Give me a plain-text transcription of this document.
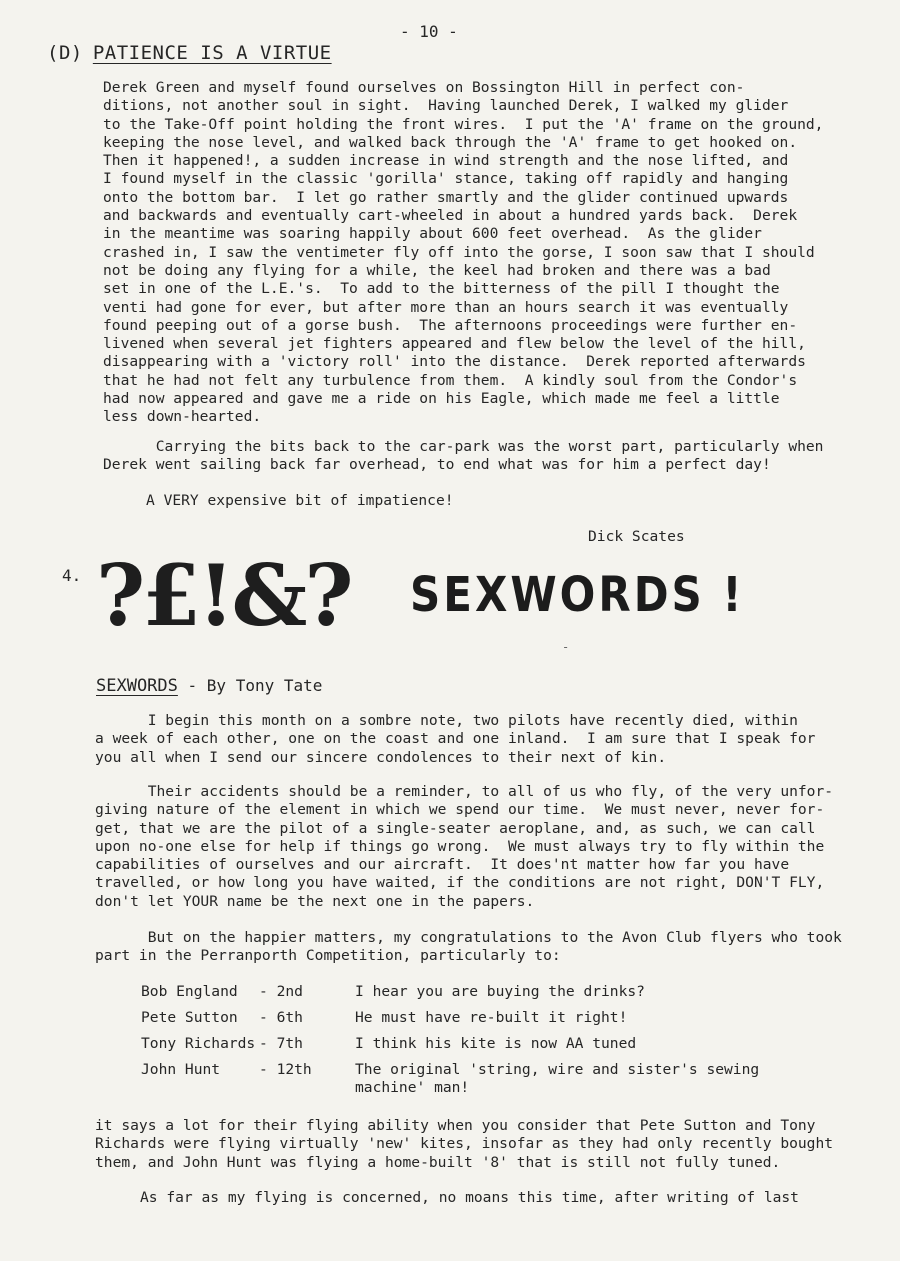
- 10 -
(D) PATIENCE IS A VIRTUE

Derek Green and myself found ourselves on Bossington Hill in perfect con-
ditions, not another soul in sight.  Having launched Derek, I walked my glider
to the Take-Off point holding the front wires.  I put the 'A' frame on the ground,
keeping the nose level, and walked back through the 'A' frame to get hooked on.
Then it happened!, a sudden increase in wind strength and the nose lifted, and
I found myself in the classic 'gorilla' stance, taking off rapidly and hanging
onto the bottom bar.  I let go rather smartly and the glider continued upwards
and backwards and eventually cart-wheeled in about a hundred yards back.  Derek
in the meantime was soaring happily about 600 feet overhead.  As the glider
crashed in, I saw the ventimeter fly off into the gorse, I soon saw that I should
not be doing any flying for a while, the keel had broken and there was a bad
set in one of the L.E.'s.  To add to the bitterness of the pill I thought the
venti had gone for ever, but after more than an hours search it was eventually
found peeping out of a gorse bush.  The afternoons proceedings were further en-
livened when several jet fighters appeared and flew below the level of the hill,
disappearing with a 'victory roll' into the distance.  Derek reported afterwards
that he had not felt any turbulence from them.  A kindly soul from the Condor's
had now appeared and gave me a ride on his Eagle, which made me feel a little
less down-hearted.

Carrying the bits back to the car-park was the worst part, particularly when
Derek went sailing back far overhead, to end what was for him a perfect day!

A VERY expensive bit of impatience!

Dick Scates

4. ?£!&? SEXWORDS !
-
SEXWORDS - By Tony Tate

I begin this month on a sombre note, two pilots have recently died, within
a week of each other, one on the coast and one inland.  I am sure that I speak for
you all when I send our sincere condolences to their next of kin.

Their accidents should be a reminder, to all of us who fly, of the very unfor-
giving nature of the element in which we spend our time.  We must never, never for-
get, that we are the pilot of a single-seater aeroplane, and, as such, we can call
upon no-one else for help if things go wrong.  We must always try to fly within the
capabilities of ourselves and our aircraft.  It does'nt matter how far you have
travelled, or how long you have waited, if the conditions are not right, DON'T FLY,
don't let YOUR name be the next one in the papers.

But on the happier matters, my congratulations to the Avon Club flyers who took
part in the Perranporth Competition, particularly to:

Bob England - 2nd	I hear you are buying the drinks?
Pete Sutton - 6th	He must have re-built it right!
Tony Richards - 7th	I think his kite is now AA tuned
John Hunt	- 12th	The original 'string, wire and sister's sewing
machine' man!

it says a lot for their flying ability when you consider that Pete Sutton and Tony
Richards were flying virtually 'new' kites, insofar as they had only recently bought
them, and John Hunt was flying a home-built '8' that is still not fully tuned.

As far as my flying is concerned, no moans this time, after writing of last
